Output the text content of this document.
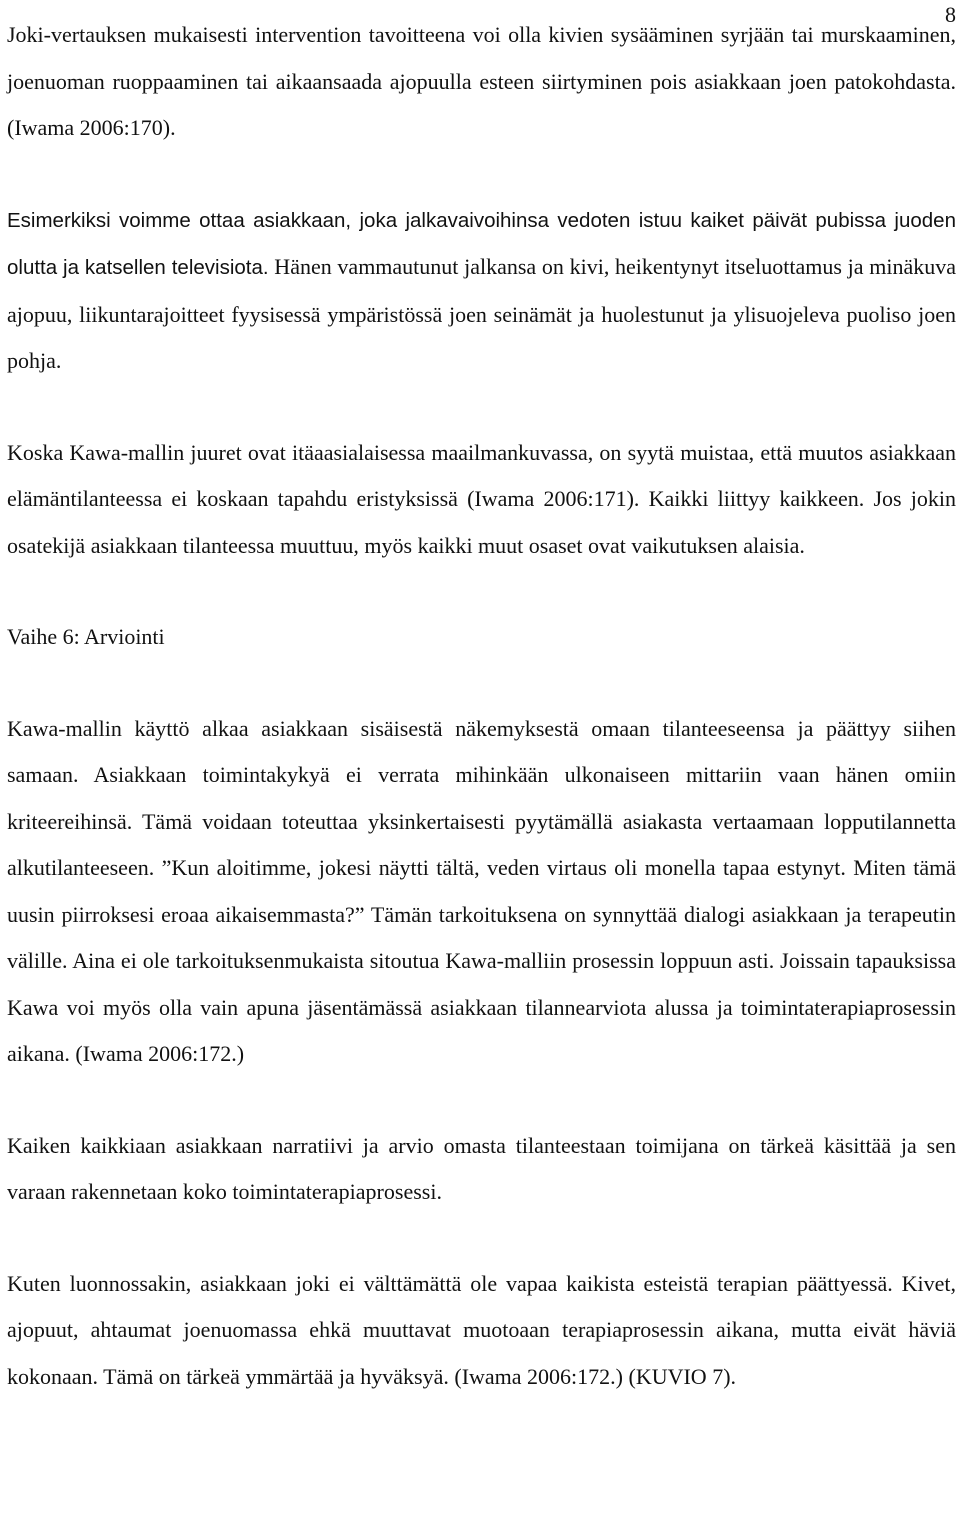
8

Joki-vertauksen mukaisesti intervention tavoitteena voi olla kivien sysääminen syrjään tai murskaaminen, joenuoman ruoppaaminen tai aikaansaada ajopuulla esteen siirtyminen pois asiakkaan joen patokohdasta. (Iwama 2006:170).

Esimerkiksi voimme ottaa asiakkaan, joka jalkavaivoihinsa vedoten istuu kaiket päivät pubissa juoden olutta ja katsellen televisiota. Hänen vammautunut jalkansa on kivi, heikentynyt itseluottamus ja minäkuva ajopuu, liikuntarajoitteet fyysisessä ympäristössä joen seinämät ja huolestunut ja ylisuojeleva puoliso joen pohja.

Koska Kawa-mallin juuret ovat itäaasialaisessa maailmankuvassa, on syytä muistaa, että muutos asiakkaan elämäntilanteessa ei koskaan tapahdu eristyksissä (Iwama 2006:171). Kaikki liittyy kaikkeen. Jos jokin osatekijä asiakkaan tilanteessa muuttuu, myös kaikki muut osaset ovat vaikutuksen alaisia.

Vaihe 6: Arviointi

Kawa-mallin käyttö alkaa asiakkaan sisäisestä näkemyksestä omaan tilanteeseensa ja päättyy siihen samaan. Asiakkaan toimintakykyä ei verrata mihinkään ulkonaiseen mittariin vaan hänen omiin kriteereihinsä. Tämä voidaan toteuttaa yksinkertaisesti pyytämällä asiakasta vertaamaan lopputilannetta alkutilanteeseen. ”Kun aloitimme, jokesi näytti tältä, veden virtaus oli monella tapaa estynyt. Miten tämä uusin piirroksesi eroaa aikaisemmasta?” Tämän tarkoituksena on synnyttää dialogi asiakkaan ja terapeutin välille. Aina ei ole tarkoituksenmukaista sitoutua Kawa-malliin prosessin loppuun asti. Joissain tapauksissa Kawa voi myös olla vain apuna jäsentämässä asiakkaan tilannearviota alussa ja toimintaterapiaprosessin aikana. (Iwama 2006:172.)

Kaiken kaikkiaan asiakkaan narratiivi ja arvio omasta tilanteestaan toimijana on tärkeä käsittää ja sen varaan rakennetaan koko toimintaterapiaprosessi.

Kuten luonnossakin, asiakkaan joki ei välttämättä ole vapaa kaikista esteistä terapian päättyessä. Kivet, ajopuut, ahtaumat joenuomassa ehkä muuttavat muotoaan terapiaprosessin aikana, mutta eivät häviä kokonaan. Tämä on tärkeä ymmärtää ja hyväksyä. (Iwama 2006:172.) (KUVIO 7).
